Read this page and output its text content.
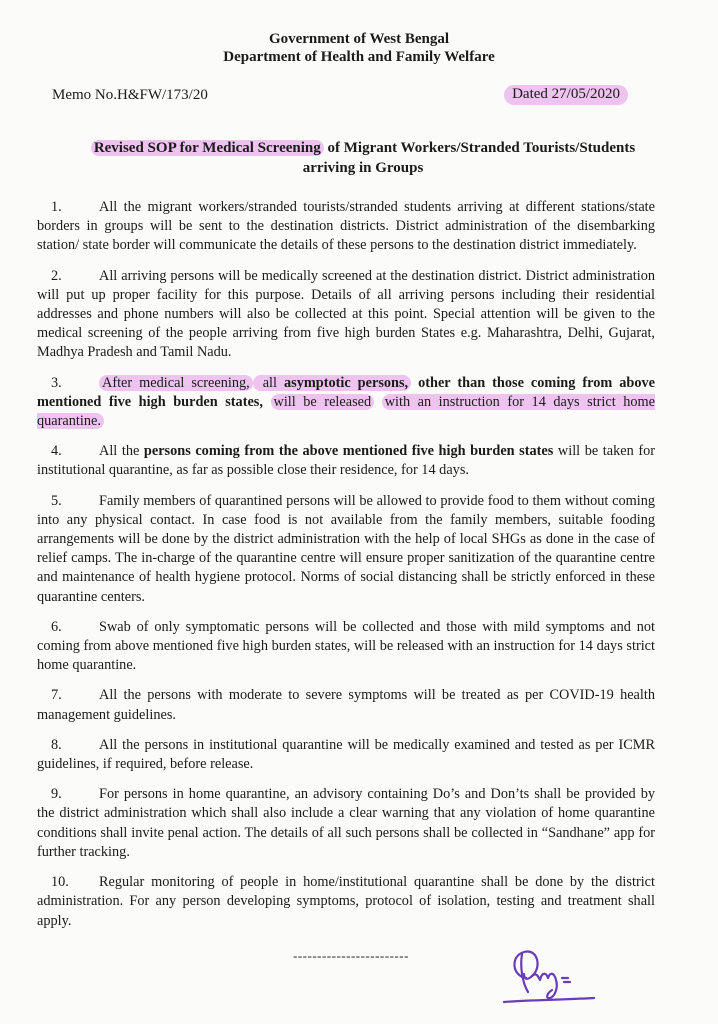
Government of West Bengal
Department of Health and Family Welfare
Memo No.H&FW/173/20	Dated 27/05/2020
Revised SOP for Medical Screening of Migrant Workers/Stranded Tourists/Students
arriving in Groups

1.	All the migrant workers/stranded tourists/stranded students arriving at different stations/state borders in groups will be sent to the destination districts. District administration of the disembarking station/ state border will communicate the details of these persons to the destination district immediately.

2.	All arriving persons will be medically screened at the destination district. District administration will put up proper facility for this purpose. Details of all arriving persons including their residential addresses and phone numbers will also be collected at this point. Special attention will be given to the medical screening of the people arriving from five high burden States e.g. Maharashtra, Delhi, Gujarat, Madhya Pradesh and Tamil Nadu.

3.	After medical screening, all asymptotic persons, other than those coming from above mentioned five high burden states, will be released with an instruction for 14 days strict home quarantine.

4.	All the persons coming from the above mentioned five high burden states will be taken for institutional quarantine, as far as possible close their residence, for 14 days.

5.	Family members of quarantined persons will be allowed to provide food to them without coming into any physical contact. In case food is not available from the family members, suitable fooding arrangements will be done by the district administration with the help of local SHGs as done in the case of relief camps. The in-charge of the quarantine centre will ensure proper sanitization of the quarantine centre and maintenance of health hygiene protocol. Norms of social distancing shall be strictly enforced in these quarantine centers.

6.	Swab of only symptomatic persons will be collected and those with mild symptoms and not coming from above mentioned five high burden states, will be released with an instruction for 14 days strict home quarantine.

7.	All the persons with moderate to severe symptoms will be treated as per COVID-19 health management guidelines.

8.	All the persons in institutional quarantine will be medically examined and tested as per ICMR guidelines, if required, before release.

9.	For persons in home quarantine, an advisory containing Do’s and Don’ts shall be provided by the district administration which shall also include a clear warning that any violation of home quarantine conditions shall invite penal action. The details of all such persons shall be collected in “Sandhane” app for further tracking.

10. Regular monitoring of people in home/institutional quarantine shall be done by the district administration. For any person developing symptoms, protocol of isolation, testing and treatment shall apply.

------------------------
